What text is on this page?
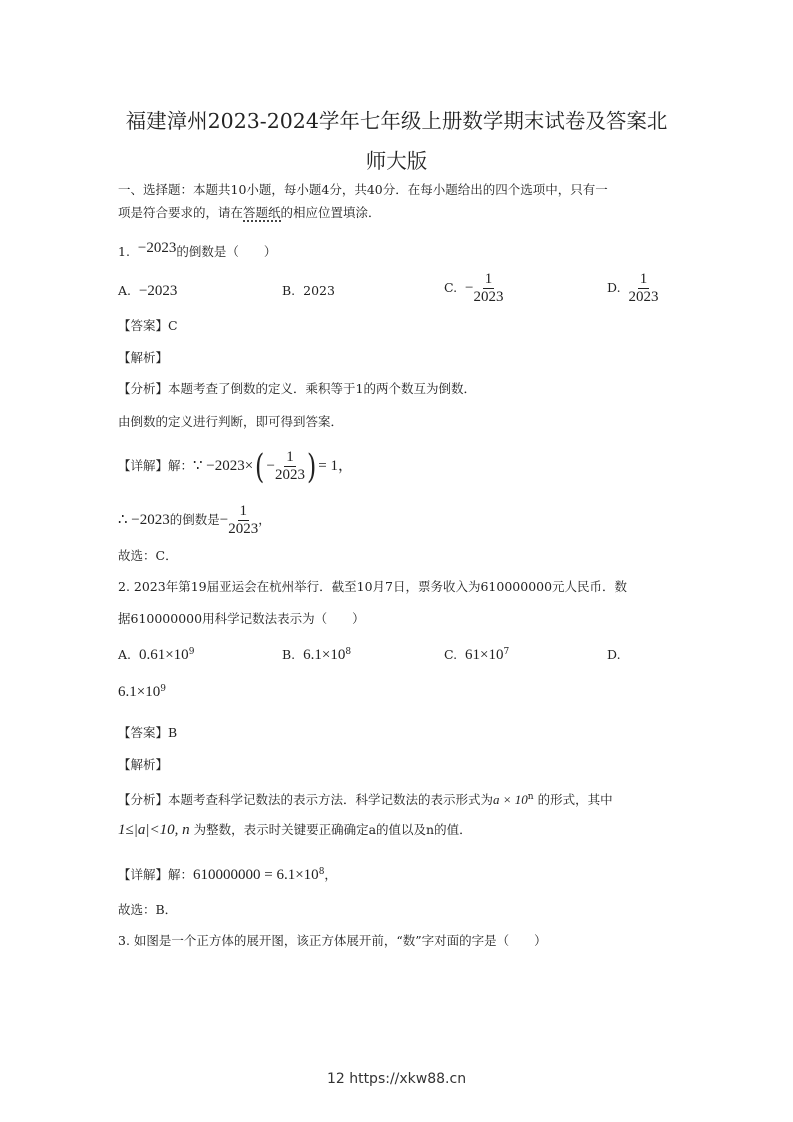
福建漳州2023-2024学年七年级上册数学期末试卷及答案北
师大版
一、选择题：本题共10小题，每小题4分，共40分．在每小题给出的四个选项中，只有一
项是符合要求的，请在答题纸的相应位置填涂．
1. −2023的倒数是（　　）
A. −2023	B. 2023	C. − $\frac{1}{2023}$	D. $\frac{1}{2023}$
【答案】C
【解析】
【分析】本题考查了倒数的定义．乘积等于1的两个数互为倒数．
由倒数的定义进行判断，即可得到答案．
【详解】解：∵ $-2023\times( - \frac{1}{2023}$ ) = 1，
∴ −2023的倒数是− $\frac{1}{2023}$ ，
故选：C．
2. 2023年第19届亚运会在杭州举行．截至10月7日，票务收入为610000000元人民币．数
据610000000用科学记数法表示为（　　）
A. $0.61\times 10^9$	B. $6.1\times 10^8$	C. $61\times 10^7$	D.
$6.1\times 10^9$
【答案】B
【解析】
【分析】本题考查科学记数法的表示方法．科学记数法的表示形式为$a \times 10^n$ 的形式，其中
1≤|a|<10, n 为整数，表示时关键要正确确定a的值以及n的值．
【详解】解：$610000000 = 6.1\times 10^8$，
故选：B．
3. 如图是一个正方体的展开图，该正方体展开前，“数”字对面的字是（　　）
12 https://xkw88.cn
